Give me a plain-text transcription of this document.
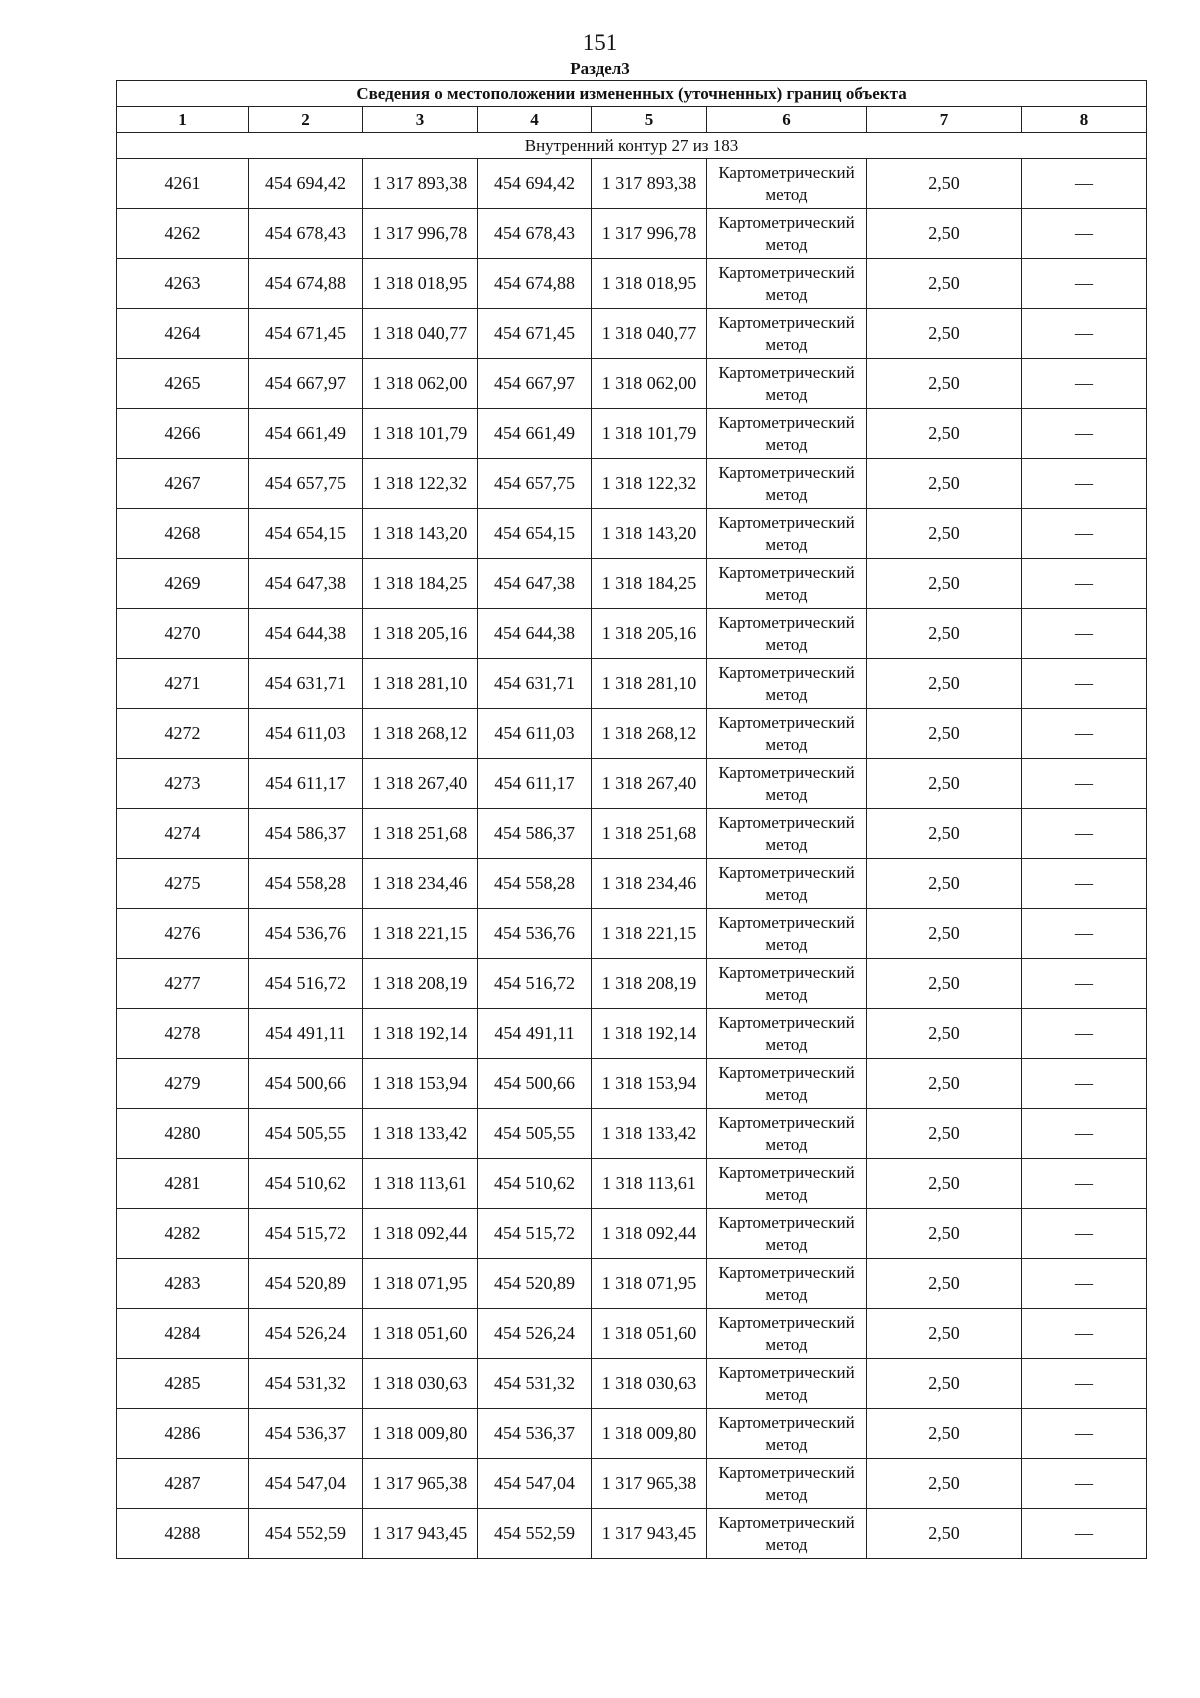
151
Раздел3
Сведения о местоположении измененных (уточненных) границ объекта							
1	2	3	4	5	6	7	8
Внутренний контур 27 из 183							
4261	454 694,42	1 317 893,38	454 694,42	1 317 893,38	Картометрический метод	2,50	—
4262	454 678,43	1 317 996,78	454 678,43	1 317 996,78	Картометрический метод	2,50	—
4263	454 674,88	1 318 018,95	454 674,88	1 318 018,95	Картометрический метод	2,50	—
4264	454 671,45	1 318 040,77	454 671,45	1 318 040,77	Картометрический метод	2,50	—
4265	454 667,97	1 318 062,00	454 667,97	1 318 062,00	Картометрический метод	2,50	—
4266	454 661,49	1 318 101,79	454 661,49	1 318 101,79	Картометрический метод	2,50	—
4267	454 657,75	1 318 122,32	454 657,75	1 318 122,32	Картометрический метод	2,50	—
4268	454 654,15	1 318 143,20	454 654,15	1 318 143,20	Картометрический метод	2,50	—
4269	454 647,38	1 318 184,25	454 647,38	1 318 184,25	Картометрический метод	2,50	—
4270	454 644,38	1 318 205,16	454 644,38	1 318 205,16	Картометрический метод	2,50	—
4271	454 631,71	1 318 281,10	454 631,71	1 318 281,10	Картометрический метод	2,50	—
4272	454 611,03	1 318 268,12	454 611,03	1 318 268,12	Картометрический метод	2,50	—
4273	454 611,17	1 318 267,40	454 611,17	1 318 267,40	Картометрический метод	2,50	—
4274	454 586,37	1 318 251,68	454 586,37	1 318 251,68	Картометрический метод	2,50	—
4275	454 558,28	1 318 234,46	454 558,28	1 318 234,46	Картометрический метод	2,50	—
4276	454 536,76	1 318 221,15	454 536,76	1 318 221,15	Картометрический метод	2,50	—
4277	454 516,72	1 318 208,19	454 516,72	1 318 208,19	Картометрический метод	2,50	—
4278	454 491,11	1 318 192,14	454 491,11	1 318 192,14	Картометрический метод	2,50	—
4279	454 500,66	1 318 153,94	454 500,66	1 318 153,94	Картометрический метод	2,50	—
4280	454 505,55	1 318 133,42	454 505,55	1 318 133,42	Картометрический метод	2,50	—
4281	454 510,62	1 318 113,61	454 510,62	1 318 113,61	Картометрический метод	2,50	—
4282	454 515,72	1 318 092,44	454 515,72	1 318 092,44	Картометрический метод	2,50	—
4283	454 520,89	1 318 071,95	454 520,89	1 318 071,95	Картометрический метод	2,50	—
4284	454 526,24	1 318 051,60	454 526,24	1 318 051,60	Картометрический метод	2,50	—
4285	454 531,32	1 318 030,63	454 531,32	1 318 030,63	Картометрический метод	2,50	—
4286	454 536,37	1 318 009,80	454 536,37	1 318 009,80	Картометрический метод	2,50	—
4287	454 547,04	1 317 965,38	454 547,04	1 317 965,38	Картометрический метод	2,50	—
4288	454 552,59	1 317 943,45	454 552,59	1 317 943,45	Картометрический метод	2,50	—
